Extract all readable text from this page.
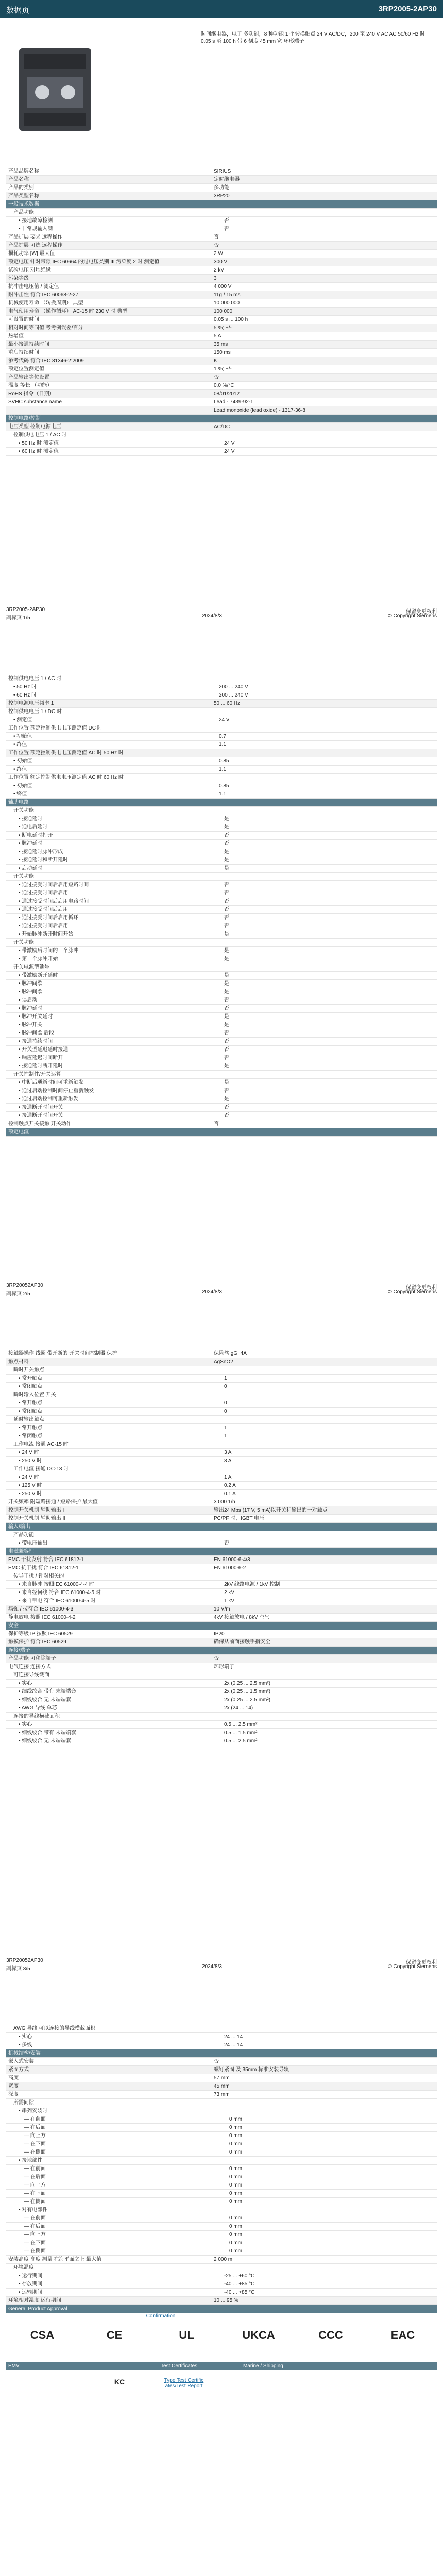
数据页	3RP2005-2AP30
时间继电器，电子 多功能，8 种功能 1 个转换触点 24 V AC/DC，200 至 240 V AC AC 50/60 Hz 时 0.05 s 至 100 h 带 6 刻度 45 mm 宽 环形端子
产品品牌名称	SIRIUS
产品名称	定时继电器
产品的类别	多功能
产品类型名称	3RP20
一般技术数据
产品功能
• 接地故障检测	否
• 非常规输入满	否
产品扩展 要求 远程操作	否
产品扩展 可选 远程操作	否
损耗功率 [W] 最大值	2 W
额定电压 针对带隙 IEC 60664 的过电压类别 III 污染度 2 时 测定值	300 V
试验电压 对地绝缘	2 kV
污染等级	3
抗冲击电压值 / 测定值	4 000 V
耐冲击性 符合 IEC 60068-2-27	11g / 15 ms
机械使用寿命 （转换周期） 典型	10 000 000
电气使用寿命 （操作循环） AC-15 时 230 V 时 典型	100 000
可设置的时间	0.05 s ... 100 h
相对时间等同值 考考例误差/百分	5 %; +/-
热增值	5 A
最小接通持续时间	35 ms
重启持续时间	150 ms
参考代码 符合 IEC 81346-2:2009	K
额定位置测定值	1 %; +/-
产品输出等位设置	否
温度 等长 （功能）	0,0 %/°C
RoHS 指令（日期）	08/01/2012
SVHC substance name	Lead - 7439-92-1
Lead monoxide (lead oxide) - 1317-36-8
控制电路/控制
电压类型 控制电源电压	AC/DC
控制供电电压 1 / AC 时
• 50 Hz 时 测定值	24 V
• 60 Hz 时 测定值	24 V
3RP2005-2AP30
副标页 1/5	2024/8/3
保留变更权利
© Copyright Siemens
控制供电电压 1 / AC 时
• 50 Hz 时	200 ... 240 V
• 60 Hz 时	200 ... 240 V
控制电源电压频率 1	50 ... 60 Hz
控制供电电压 1 / DC 时
• 测定值	24 V
工作位置 额定控制供电电压测定值 DC 时
• 初始值	0.7
• 终值	1.1
工作位置 额定控制供电电压测定值 AC 时 50 Hz 时
• 初始值	0.85
• 终值	1.1
工作位置 额定控制供电电压测定值 AC 时 60 Hz 时
• 初始值	0.85
• 终值	1.1
辅助电路
开关功能
• 接通延时	是
• 通电后延时	是
• 断电延时打开	否
• 脉冲延时	否
• 接通延时脉冲形成	是
• 接通延时和断开延时	是
• 启动延时	是
开关功能
• 通过接受时间后启用短路时间	否
• 通过接受时间后启用	否
• 通过接受时间后启用电路时间	否
• 通过接受时间后启用	否
• 通过接受时间后启用循环	否
• 通过接受时间后启用	否
• 开始脉冲断开时间开始	是
开关功能
• 带激励后时间的一个脉冲	是
• 第一个脉冲开始	是
开关电源型延号
• 带激励断开延时	是
• 脉冲间歇	是
• 脉冲间歇	是
• 误启动	否
• 脉冲延时	否
• 脉冲开关延时	是
• 脉冲开关	是
• 脉冲间歇 后段	否
• 接通持续时间	否
• 开关型延迟延时接通	否
• 响应延迟时间断开	否
• 接通延时断开延时	是
开关控制件/开关运算
• 中断后通新时间可重新触发	是
• 通过启动控制时间停止重新触发	否
• 通过启动控制可重新触发	是
• 接通断开时间开关	否
• 接通断开时间开关	否
控制触点开关接触 开关动作	否
额定电流
3RP20052AP30
副标页 2/5	2024/8/3
保留变更权利
© Copyright Siemens
接触器操作 线圈 带开断的 开关时间控制器 保护	保险丝 gG: 4A
触点材料	AgSnO2
瞬时开关触点
• 常开触点	1
• 常闭触点	0
瞬时输入位置 开关
• 常开触点	0
• 常闭触点	0
延时输出触点
• 常开触点	1
• 常闭触点	1
工作电流 接通 AC-15 时
• 24 V 时	3 A
• 250 V 时	3 A
工作电流 接通 DC-13 时
• 24 V 时	1 A
• 125 V 时	0.2 A
• 250 V 时	0.1 A
开关频率 附短路接通 / 短路保护 最大值	3 000 1/h
控制开关机制 辅助输出 I	输出24 Mbs (17 V, 5 mA)以开关和输出的一对触点
控制开关机制 辅助输出 II	PC/PF 时，IGBT 电压
输入/输出
产品功能
• 带电压输出	否
电磁兼容性
EMC 干扰发射 符合 IEC 61812-1	EN 61000-6-4/3
EMC 抗干扰 符合 IEC 61812-1	EN 61000-6-2
传导干扰 / 针对相关的
• 来自脉冲 按照IEC 61000-4-4 时	2kV 线路电源 / 1kV 控制
• 来自经何线 符合 IEC 61000-4-5 时	2 kV
• 来自带电 符合 IEC 61000-4-5 时	1 kV
场强 / 按符合 IEC 61000-4-3	10 V/m
静电放电 按照 IEC 61000-4-2	4kV 接触放电 / 8kV 空气
安全
保护等级 IP 按照 IEC 60529	IP20
触摸保护 符合 IEC 60529	确保从前面接触手指安全
连接/端子
产品功能 可移除端子	否
电气连接 连接方式	环形端子
可连接导线截面
• 实心	2x (0.25 ... 2.5 mm²)
• 细线绞合 带有 末端端套	2x (0.25 ... 1.5 mm²)
• 细线绞合 无 末端端套	2x (0.25 ... 2.5 mm²)
• AWG 导线 单芯	2x (24 ... 14)
连接的导线横截面积
• 实心	0.5 ... 2.5 mm²
• 细线绞合 带有 末端端套	0.5 ... 1.5 mm²
• 细线绞合 无 末端端套	0.5 ... 2.5 mm²
3RP20052AP30
副标页 3/5	2024/8/3
保留变更权利
© Copyright Siemens
AWG 导线 可以连接的导线横截面积
• 实心	24 ... 14
• 多线	24 ... 14
机械结构/安装
嵌入式安装	否
紧固方式	螺钉紧固 及 35mm 标准安装导轨
高度	57 mm
宽度	45 mm
深度	73 mm
所需间隙
• 串列安装时
— 在前面	0 mm
— 在后面	0 mm
— 向上方	0 mm
— 在下面	0 mm
— 在侧面	0 mm
• 接地部件
— 在前面	0 mm
— 在后面	0 mm
— 向上方	0 mm
— 在下面	0 mm
— 在侧面	0 mm
• 对有电部件
— 在前面	0 mm
— 在后面	0 mm
— 向上方	0 mm
— 在下面	0 mm
— 在侧面	0 mm
安装高度 高度 测量 在海平面之上 最大值	2 000 m
环境温度
• 运行期间	-25 ... +60 °C
• 存放期间	-40 ... +85 °C
• 运输期间	-40 ... +85 °C
环境相对湿度 运行期间	10 ... 95 %
General Product Approval
Confirmation
CSA	CE	UL	UKCA	CCC	EAC
EMV	Test Certificates	Marine / Shipping
KC	Type Test Certific ates/Test Report
